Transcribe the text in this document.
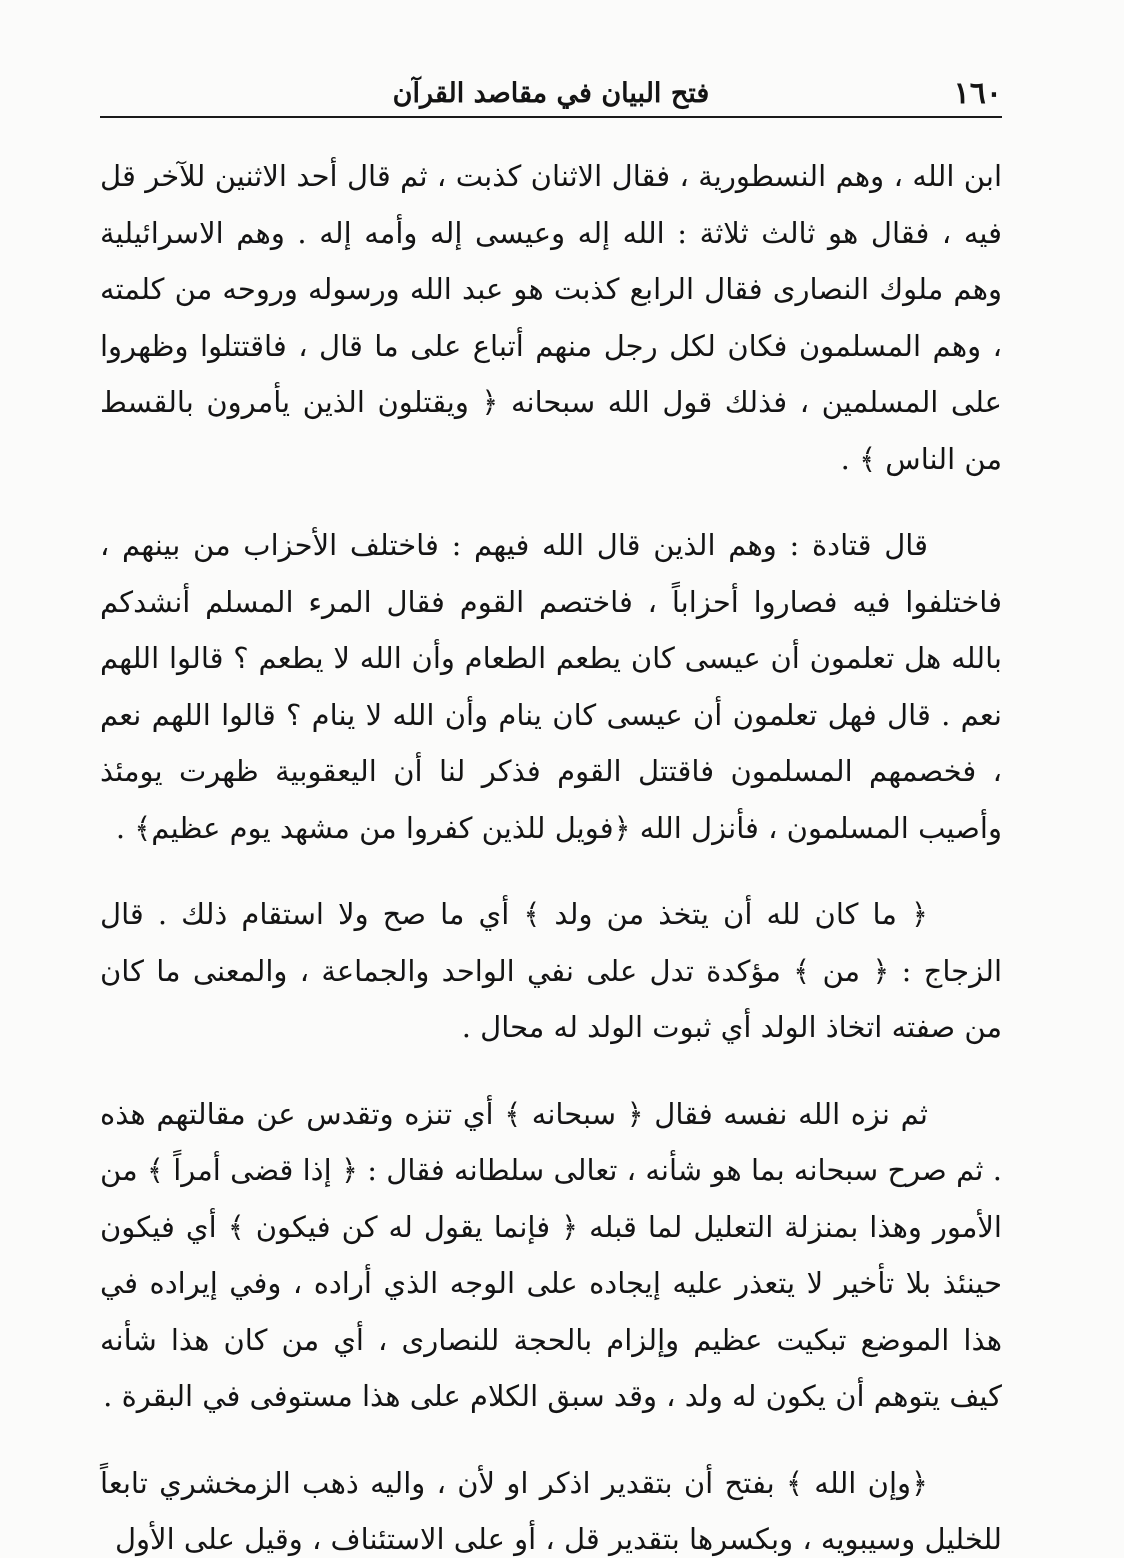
١٦٠
فتح البيان في مقاصد القرآن

ابن الله ، وهم النسطورية ، فقال الاثنان كذبت ، ثم قال أحد الاثنين للآخر قل فيه ، فقال هو ثالث ثلاثة : الله إله وعيسى إله وأمه إله . وهم الاسرائيلية وهم ملوك النصارى فقال الرابع كذبت هو عبد الله ورسوله وروحه من كلمته ، وهم المسلمون فكان لكل رجل منهم أتباع على ما قال ، فاقتتلوا وظهروا على المسلمين ، فذلك قول الله سبحانه ﴿ ويقتلون الذين يأمرون بالقسط من الناس ﴾ .

قال قتادة : وهم الذين قال الله فيهم : فاختلف الأحزاب من بينهم ، فاختلفوا فيه فصاروا أحزاباً ، فاختصم القوم فقال المرء المسلم أنشدكم بالله هل تعلمون أن عيسى كان يطعم الطعام وأن الله لا يطعم ؟ قالوا اللهم نعم . قال فهل تعلمون أن عيسى كان ينام وأن الله لا ينام ؟ قالوا اللهم نعم ، فخصمهم المسلمون فاقتتل القوم فذكر لنا أن اليعقوبية ظهرت يومئذ وأصيب المسلمون ، فأنزل الله ﴿فويل للذين كفروا من مشهد يوم عظيم﴾ .

﴿ ما كان لله أن يتخذ من ولد ﴾ أي ما صح ولا استقام ذلك . قال الزجاج : ﴿ من ﴾ مؤكدة تدل على نفي الواحد والجماعة ، والمعنى ما كان من صفته اتخاذ الولد أي ثبوت الولد له محال .

ثم نزه الله نفسه فقال ﴿ سبحانه ﴾ أي تنزه وتقدس عن مقالتهم هذه . ثم صرح سبحانه بما هو شأنه ، تعالى سلطانه فقال : ﴿ إذا قضى أمراً ﴾ من الأمور وهذا بمنزلة التعليل لما قبله ﴿ فإنما يقول له كن فيكون ﴾ أي فيكون حينئذ بلا تأخير لا يتعذر عليه إيجاده على الوجه الذي أراده ، وفي إيراده في هذا الموضع تبكيت عظيم وإلزام بالحجة للنصارى ، أي من كان هذا شأنه كيف يتوهم أن يكون له ولد ، وقد سبق الكلام على هذا مستوفى في البقرة .

﴿وإن الله ﴾ بفتح أن بتقدير اذكر او لأن ، واليه ذهب الزمخشري تابعاً للخليل وسيبويه ، وبكسرها بتقدير قل ، أو على الاستئناف ، وقيل على الأول
